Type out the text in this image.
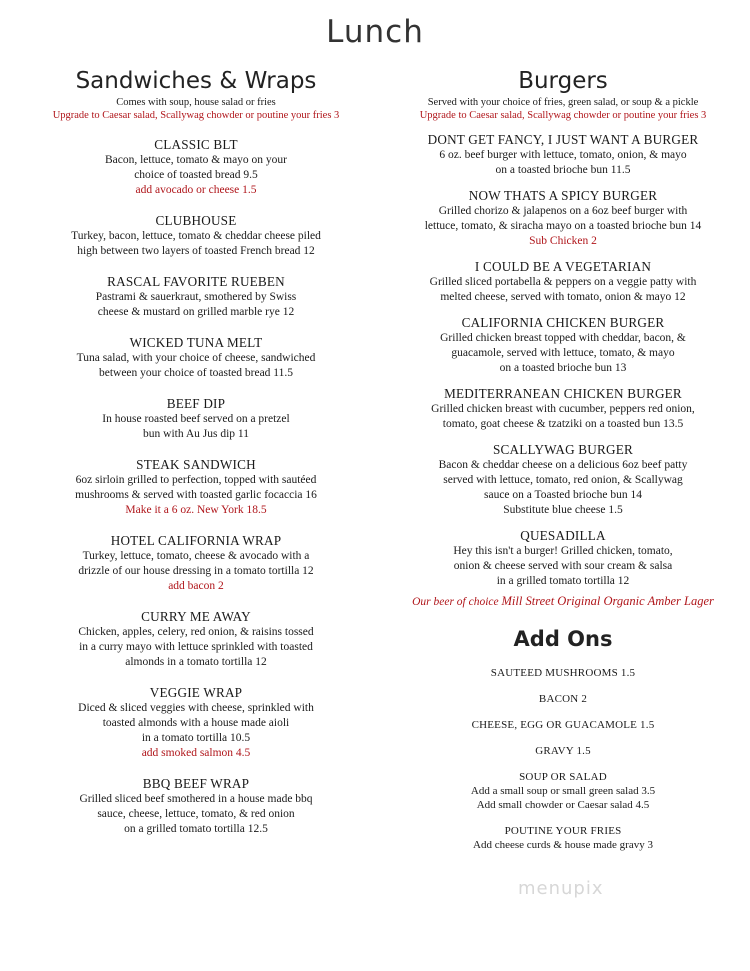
Lunch
Sandwiches & Wraps
Comes with soup, house salad or fries
Upgrade to Caesar salad, Scallywag chowder or poutine your fries 3
CLASSIC BLT
Bacon, lettuce, tomato & mayo on your
choice of toasted bread 9.5
add avocado or cheese 1.5
CLUBHOUSE
Turkey, bacon, lettuce, tomato & cheddar cheese piled
high between two layers of toasted French bread 12
RASCAL FAVORITE RUEBEN
Pastrami & sauerkraut, smothered by Swiss
cheese & mustard on grilled marble rye 12
WICKED TUNA MELT
Tuna salad, with your choice of cheese, sandwiched
between your choice of toasted bread 11.5
BEEF DIP
In house roasted beef served on a pretzel
bun with Au Jus dip 11
STEAK SANDWICH
6oz sirloin grilled to perfection, topped with sautéed
mushrooms & served with toasted garlic focaccia 16
Make it a 6 oz. New York 18.5
HOTEL CALIFORNIA WRAP
Turkey, lettuce, tomato, cheese & avocado with a
drizzle of our house dressing in a tomato tortilla 12
add bacon 2
CURRY ME AWAY
Chicken, apples, celery, red onion, & raisins tossed
in a curry mayo with lettuce sprinkled with toasted
almonds in a tomato tortilla 12
VEGGIE WRAP
Diced & sliced veggies with cheese, sprinkled with
toasted almonds with a house made aioli
in a tomato tortilla 10.5
add smoked salmon 4.5
BBQ BEEF WRAP
Grilled sliced beef smothered in a house made bbq
sauce, cheese, lettuce, tomato, & red onion
on a grilled tomato tortilla 12.5
Burgers
Served with your choice of fries, green salad, or soup & a pickle
Upgrade to Caesar salad, Scallywag chowder or poutine your fries 3
DONT GET FANCY, I JUST WANT A BURGER
6 oz. beef burger with lettuce, tomato, onion, & mayo
on a toasted brioche bun 11.5
NOW THATS A SPICY BURGER
Grilled chorizo & jalapenos on a 6oz beef burger with
lettuce, tomato, & siracha mayo on a toasted brioche bun 14
Sub Chicken 2
I COULD BE A VEGETARIAN
Grilled sliced portabella & peppers on a veggie patty with
melted cheese, served with tomato, onion & mayo 12
CALIFORNIA CHICKEN BURGER
Grilled chicken breast topped with cheddar, bacon, &
guacamole, served with lettuce, tomato, & mayo
on a toasted brioche bun 13
MEDITERRANEAN CHICKEN BURGER
Grilled chicken breast with cucumber, peppers red onion,
tomato, goat cheese & tzatziki on a toasted bun 13.5
SCALLYWAG BURGER
Bacon & cheddar cheese on a delicious 6oz beef patty
served with lettuce, tomato, red onion, & Scallywag
sauce on a Toasted brioche bun 14
Substitute blue cheese 1.5
QUESADILLA
Hey this isn't a burger! Grilled chicken, tomato,
onion & cheese served with sour cream & salsa
in a grilled tomato tortilla 12
Our beer of choice Mill Street Original Organic Amber Lager
Add Ons
SAUTEED MUSHROOMS 1.5
BACON 2
CHEESE, EGG OR GUACAMOLE 1.5
GRAVY 1.5
SOUP OR SALAD
Add a small soup or small green salad 3.5
Add small chowder or Caesar salad 4.5
POUTINE YOUR FRIES
Add cheese curds & house made gravy 3
menupix
